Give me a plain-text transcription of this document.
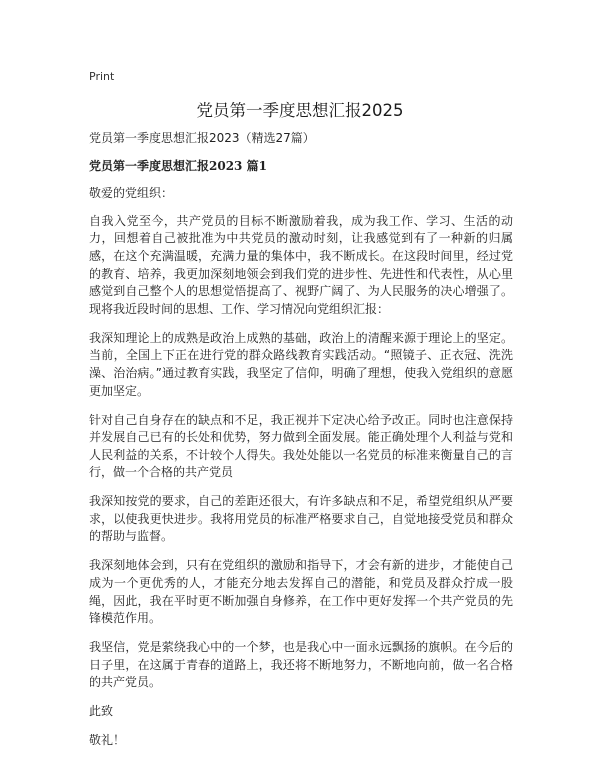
Print
党员第一季度思想汇报2025

党员第一季度思想汇报2023（精选27篇）

党员第一季度思想汇报2023 篇1

敬爱的党组织：

自我入党至今，共产党员的目标不断激励着我，成为我工作、学习、生活的动力，回想着自己被批准为中共党员的激动时刻，让我感觉到有了一种新的归属感，在这个充满温暖，充满力量的集体中，我不断成长。在这段时间里，经过党的教育、培养，我更加深刻地领会到我们党的进步性、先进性和代表性，从心里感觉到自己整个人的思想觉悟提高了、视野广阔了、为人民服务的决心增强了。现将我近段时间的思想、工作、学习情况向党组织汇报：

我深知理论上的成熟是政治上成熟的基础，政治上的清醒来源于理论上的坚定。当前，全国上下正在进行党的群众路线教育实践活动。“照镜子、正衣冠、洗洗澡、治治病。”通过教育实践，我坚定了信仰，明确了理想，使我入党组织的意愿更加坚定。

针对自己自身存在的缺点和不足，我正视并下定决心给予改正。同时也注意保持并发展自己已有的长处和优势，努力做到全面发展。能正确处理个人利益与党和人民利益的关系，不计较个人得失。我处处能以一名党员的标准来衡量自己的言行，做一个合格的共产党员

我深知按党的要求，自己的差距还很大，有许多缺点和不足，希望党组织从严要求，以使我更快进步。我将用党员的标准严格要求自己，自觉地接受党员和群众的帮助与监督。

我深刻地体会到，只有在党组织的激励和指导下，才会有新的进步，才能使自己成为一个更优秀的人，才能充分地去发挥自己的潜能，和党员及群众拧成一股绳，因此，我在平时更不断加强自身修养，在工作中更好发挥一个共产党员的先锋模范作用。

我坚信，党是萦绕我心中的一个梦，也是我心中一面永远飘扬的旗帜。在今后的日子里，在这属于青春的道路上，我还将不断地努力，不断地向前，做一名合格的共产党员。

此致

敬礼！
